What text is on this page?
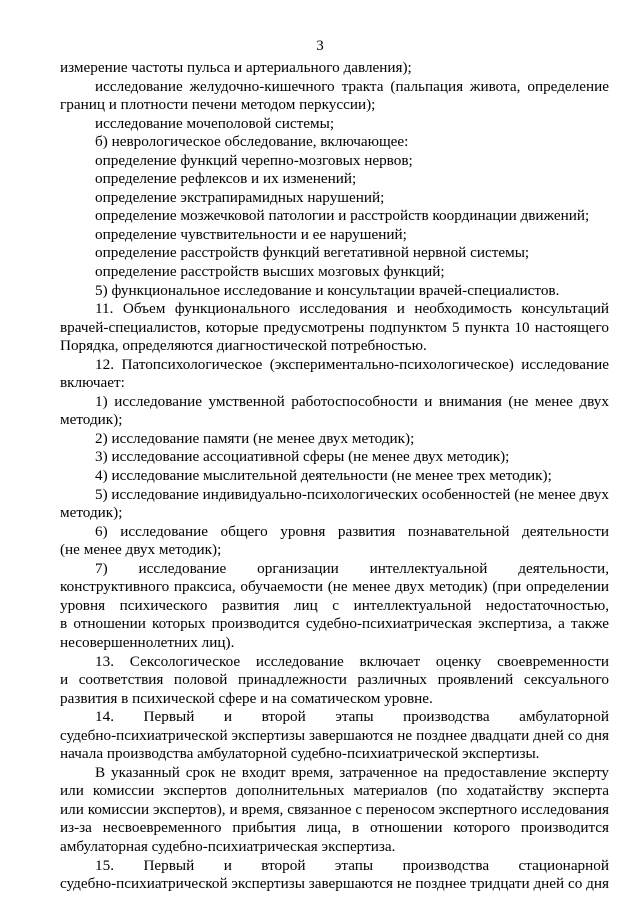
3
измерение частоты пульса и артериального давления);
исследование желудочно-кишечного тракта (пальпация живота, определение
границ и плотности печени методом перкуссии);
исследование мочеполовой системы;
б) неврологическое обследование, включающее:
определение функций черепно-мозговых нервов;
определение рефлексов и их изменений;
определение экстрапирамидных нарушений;
определение мозжечковой патологии и расстройств координации движений;
определение чувствительности и ее нарушений;
определение расстройств функций вегетативной нервной системы;
определение расстройств высших мозговых функций;
5) функциональное исследование и консультации врачей-специалистов.
11. Объем функционального исследования и необходимость консультаций
врачей-специалистов, которые предусмотрены подпунктом 5 пункта 10 настоящего
Порядка, определяются диагностической потребностью.
12. Патопсихологическое (экспериментально-психологическое) исследование
включает:
1) исследование умственной работоспособности и внимания (не менее двух
методик);
2) исследование памяти (не менее двух методик);
3) исследование ассоциативной сферы (не менее двух методик);
4) исследование мыслительной деятельности (не менее трех методик);
5) исследование индивидуально-психологических особенностей (не менее двух
методик);
6) исследование общего уровня развития познавательной деятельности
(не менее двух методик);
7) исследование организации интеллектуальной деятельности,
конструктивного праксиса, обучаемости (не менее двух методик) (при определении
уровня психического развития лиц с интеллектуальной недостаточностью,
в отношении которых производится судебно-психиатрическая экспертиза, а также
несовершеннолетних лиц).
13. Сексологическое исследование включает оценку своевременности
и соответствия половой принадлежности различных проявлений сексуального
развития в психической сфере и на соматическом уровне.
14. Первый и второй этапы производства амбулаторной
судебно-психиатрической экспертизы завершаются не позднее двадцати дней со дня
начала производства амбулаторной судебно-психиатрической экспертизы.
В указанный срок не входит время, затраченное на предоставление эксперту
или комиссии экспертов дополнительных материалов (по ходатайству эксперта
или комиссии экспертов), и время, связанное с переносом экспертного исследования
из-за несвоевременного прибытия лица, в отношении которого производится
амбулаторная судебно-психиатрическая экспертиза.
15. Первый и второй этапы производства стационарной
судебно-психиатрической экспертизы завершаются не позднее тридцати дней со дня
